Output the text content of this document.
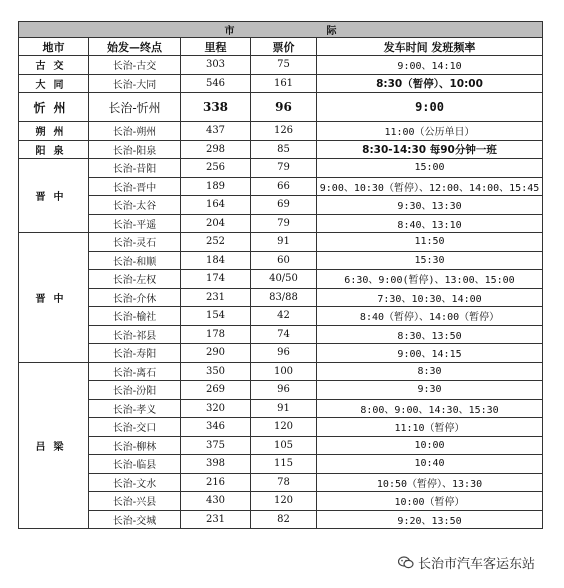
市 际				
地市	始发—终点	里程	票价	发车时间 发班频率
古交	长治-古交	303	75	9:00、14:10
大同	长治-大同	546	161	8:30（暂停）、10:00
忻州	长治-忻州	338	96	9:00
朔州	长治-朔州	437	126	11:00（公历单日）
阳泉	长治-阳泉	298	85	8:30-14:30 每90分钟一班
晋中	长治-昔阳	256	79	15:00
	长治-晋中	189	66	9:00、10:30（暂停）、12:00、14:00、15:45
	长治-太谷	164	69	9:30、13:30
	长治-平遥	204	79	8:40、13:10
晋中	长治-灵石	252	91	11:50
	长治-和顺	184	60	15:30
	长治-左权	174	40/50	6:30、9:00(暂停)、13:00、15:00
	长治-介休	231	83/88	7:30、10:30、14:00
	长治-榆社	154	42	8:40（暂停）、14:00（暂停）
	长治-祁县	178	74	8:30、13:50
	长治-寿阳	290	96	9:00、14:15
吕梁	长治-离石	350	100	8:30
	长治-汾阳	269	96	9:30
	长治-孝义	320	91	8:00、9:00、14:30、15:30
	长治-交口	346	120	11:10（暂停）
	长治-柳林	375	105	10:00
	长治-临县	398	115	10:40
	长治-文水	216	78	10:50（暂停）、13:30
	长治-兴县	430	120	10:00（暂停）
	长治-交城	231	82	9:20、13:50
长治市汽车客运东站
